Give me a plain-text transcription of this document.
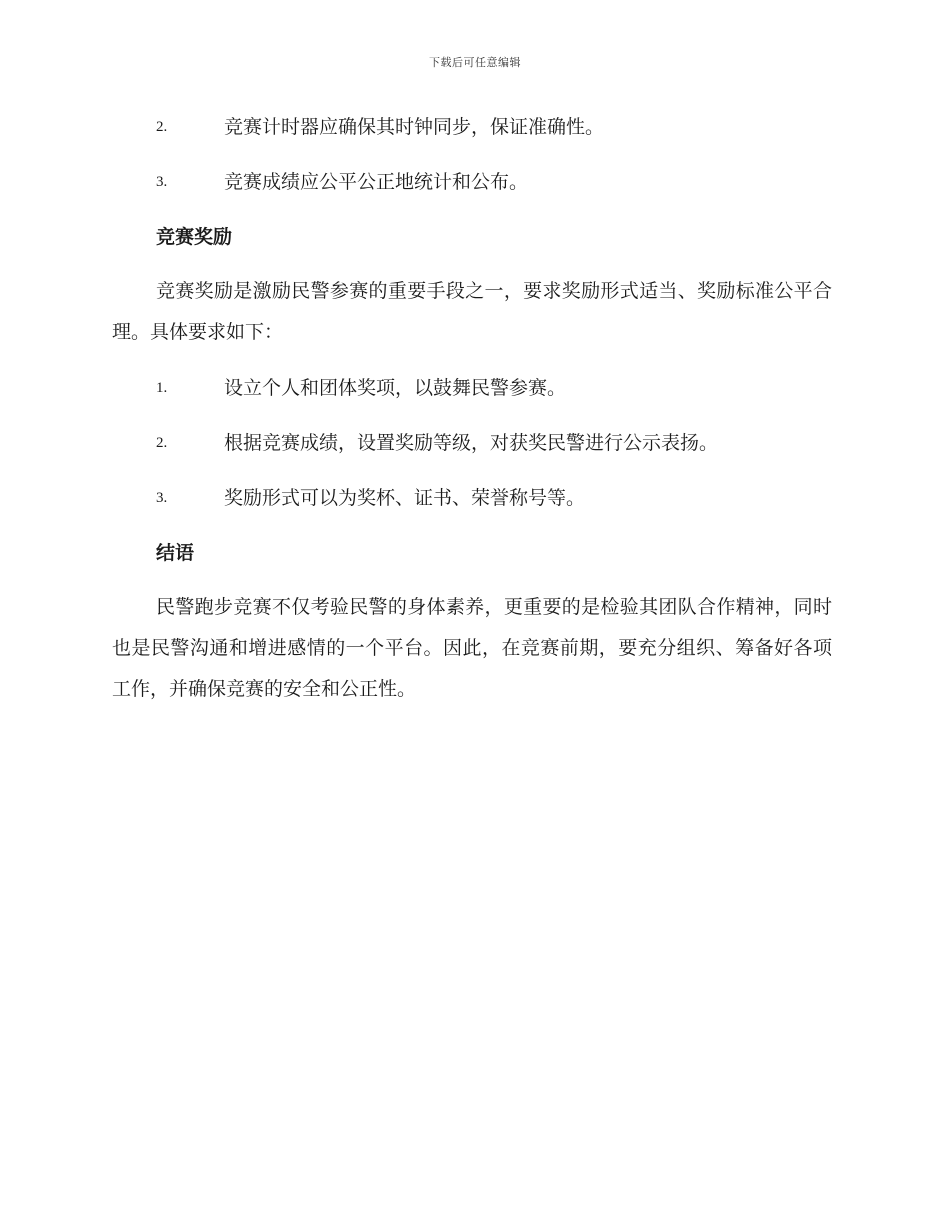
下载后可任意编辑
2.	竞赛计时器应确保其时钟同步，保证准确性。
3.	竞赛成绩应公平公正地统计和公布。
竞赛奖励
竞赛奖励是激励民警参赛的重要手段之一，要求奖励形式适当、奖励标准公平合理。具体要求如下：
1.	设立个人和团体奖项，以鼓舞民警参赛。
2.	根据竞赛成绩，设置奖励等级，对获奖民警进行公示表扬。
3.	奖励形式可以为奖杯、证书、荣誉称号等。
结语
民警跑步竞赛不仅考验民警的身体素养，更重要的是检验其团队合作精神，同时也是民警沟通和增进感情的一个平台。因此，在竞赛前期，要充分组织、筹备好各项工作，并确保竞赛的安全和公正性。
